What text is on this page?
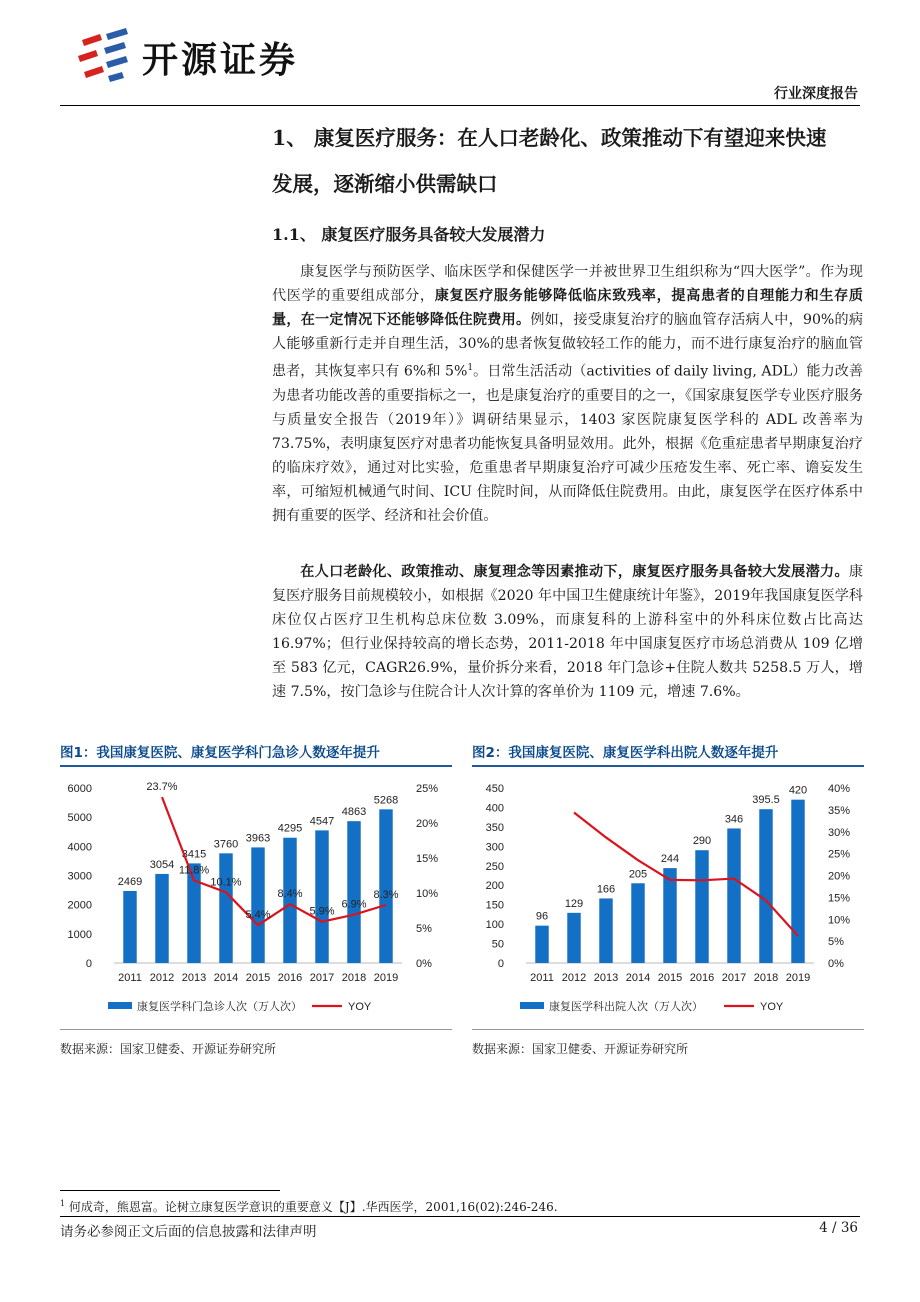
开源证券
行业深度报告
1、 康复医疗服务：在人口老龄化、政策推动下有望迎来快速
发展，逐渐缩小供需缺口
1.1、 康复医疗服务具备较大发展潜力

康复医学与预防医学、临床医学和保健医学一并被世界卫生组织称为“四大医学”。作为现代医学的重要组成部分，康复医疗服务能够降低临床致残率，提高患者的自理能力和生存质量，在一定情况下还能够降低住院费用。例如，接受康复治疗的脑血管存活病人中，90%的病人能够重新行走并自理生活，30%的患者恢复做较轻工作的能力，而不进行康复治疗的脑血管患者，其恢复率只有 6%和 5%$^1$。日常生活活动（activities of daily living, ADL）能力改善为患者功能改善的重要指标之一，也是康复治疗的重要目的之一，《国家康复医学专业医疗服务与质量安全报告（2019年）》调研结果显示，1403 家医院康复医学科的 ADL 改善率为 73.75%，表明康复医疗对患者功能恢复具备明显效用。此外，根据《危重症患者早期康复治疗的临床疗效》，通过对比实验，危重患者早期康复治疗可减少压疮发生率、死亡率、谵妄发生率，可缩短机械通气时间、ICU 住院时间，从而降低住院费用。由此，康复医学在医疗体系中拥有重要的医学、经济和社会价值。

在人口老龄化、政策推动、康复理念等因素推动下，康复医疗服务具备较大发展潜力。康复医疗服务目前规模较小，如根据《2020 年中国卫生健康统计年鉴》，2019年我国康复医学科床位仅占医疗卫生机构总床位数 3.09%，而康复科的上游科室中的外科床位数占比高达 16.97%；但行业保持较高的增长态势，2011-2018 年中国康复医疗市场总消费从 109 亿增至 583 亿元，CAGR26.9%，量价拆分来看，2018 年门急诊+住院人数共 5258.5 万人，增速 7.5%，按门急诊与住院合计人次计算的客单价为 1109 元，增速 7.6%。

图1：我国康复医院、康复医学科门急诊人数逐年提升
0
1000
2000
3000
4000
5000
6000
0%
5%
10%
15%
20%
25%
2011 2012 2013 2014 2015 2016 2017 2018 2019
2469
3054
3415
3760 3963
4295
4547
4863
5268
23.7%
11.8%
10.1%
5.4%
8.4%
5.9%
6.9%
8.3%
康复医学科门急诊人次（万人次）	YOY
数据来源：国家卫健委、开源证券研究所
图2：我国康复医院、康复医学科出院人数逐年提升
0
50
100
150
200
250
300
350
400
450
0%
5%
10%
15%
20%
25%
30%
35%
40%
2011 2012 2013 2014 2015 2016 2017 2018 2019
96
129
166
205
244
290
346
395.5
420
康复医学科出院人次（万人次）	YOY
数据来源：国家卫健委、开源证券研究所
$^1$ 何成奇，熊恩富。论树立康复医学意识的重要意义【J】.华西医学，2001,16(02):246-246.
请务必参阅正文后面的信息披露和法律声明	4 / 36
